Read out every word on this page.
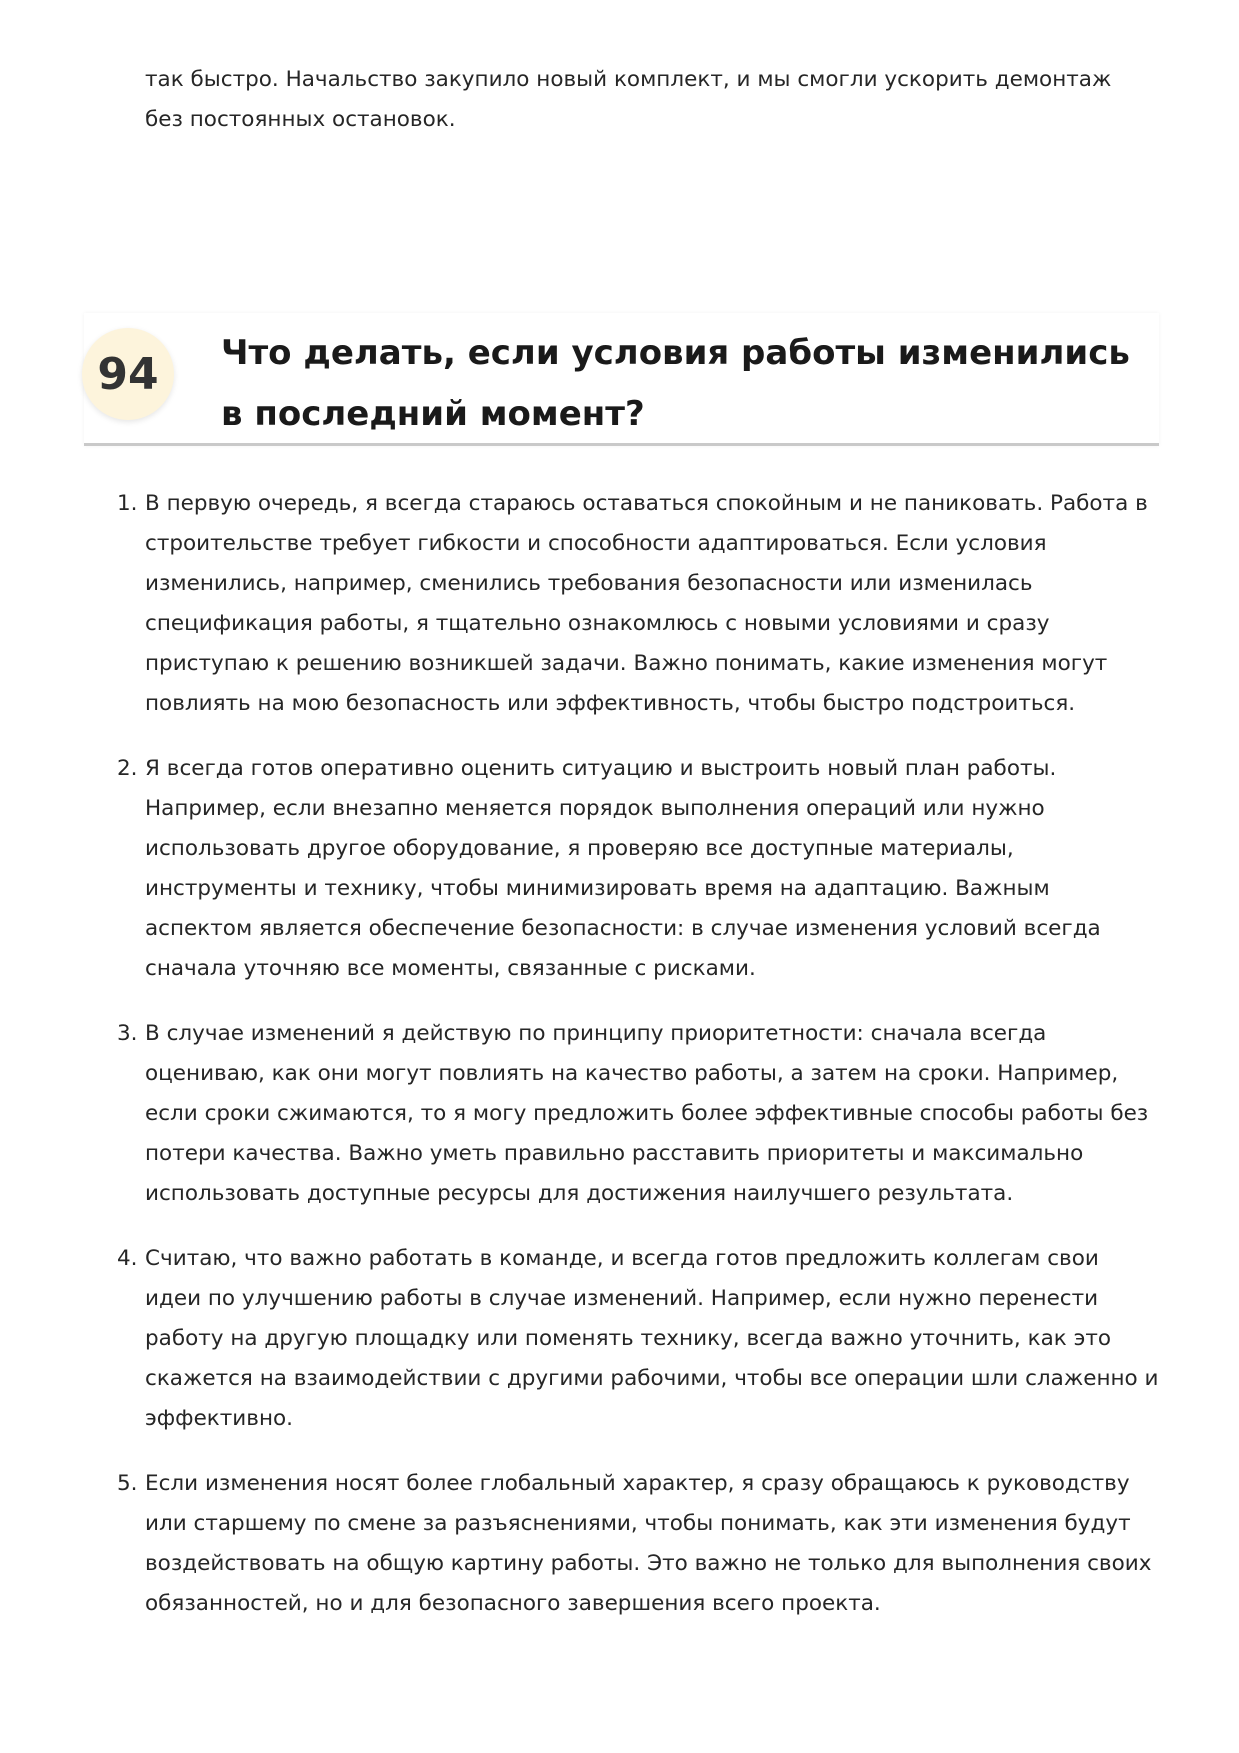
так быстро. Начальство закупило новый комплект, и мы смогли ускорить демонтаж без постоянных остановок.

94	Что делать, если условия работы изменились в последний момент?
1. В первую очередь, я всегда стараюсь оставаться спокойным и не паниковать. Работа в строительстве требует гибкости и способности адаптироваться. Если условия изменились, например, сменились требования безопасности или изменилась спецификация работы, я тщательно ознакомлюсь с новыми условиями и сразу приступаю к решению возникшей задачи. Важно понимать, какие изменения могут повлиять на мою безопасность или эффективность, чтобы быстро подстроиться.
2. Я всегда готов оперативно оценить ситуацию и выстроить новый план работы. Например, если внезапно меняется порядок выполнения операций или нужно использовать другое оборудование, я проверяю все доступные материалы, инструменты и технику, чтобы минимизировать время на адаптацию. Важным аспектом является обеспечение безопасности: в случае изменения условий всегда сначала уточняю все моменты, связанные с рисками.
3. В случае изменений я действую по принципу приоритетности: сначала всегда оцениваю, как они могут повлиять на качество работы, а затем на сроки. Например, если сроки сжимаются, то я могу предложить более эффективные способы работы без потери качества. Важно уметь правильно расставить приоритеты и максимально использовать доступные ресурсы для достижения наилучшего результата.
4. Считаю, что важно работать в команде, и всегда готов предложить коллегам свои идеи по улучшению работы в случае изменений. Например, если нужно перенести работу на другую площадку или поменять технику, всегда важно уточнить, как это скажется на взаимодействии с другими рабочими, чтобы все операции шли слаженно и эффективно.
5. Если изменения носят более глобальный характер, я сразу обращаюсь к руководству или старшему по смене за разъяснениями, чтобы понимать, как эти изменения будут воздействовать на общую картину работы. Это важно не только для выполнения своих обязанностей, но и для безопасного завершения всего проекта.
